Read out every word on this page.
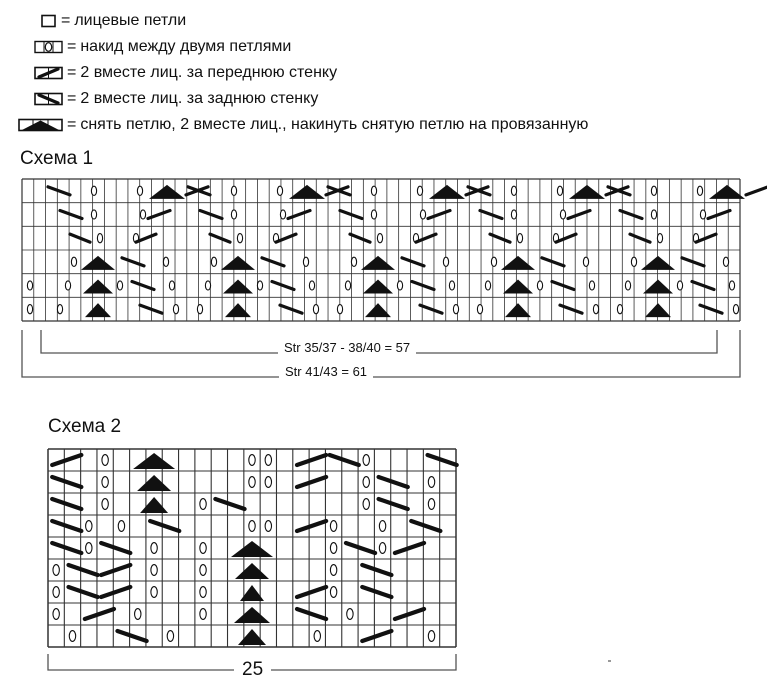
= лицевые петли
= накид между двумя петлями
= 2 вместе лиц. за переднюю стенку
= 2 вместе лиц. за заднюю стенку
= снять петлю, 2 вместе лиц., накинуть снятую петлю на провязанную
Схема 1
Str 35/37 - 38/40 = 57
Str 41/43 = 61
Схема 2
25
